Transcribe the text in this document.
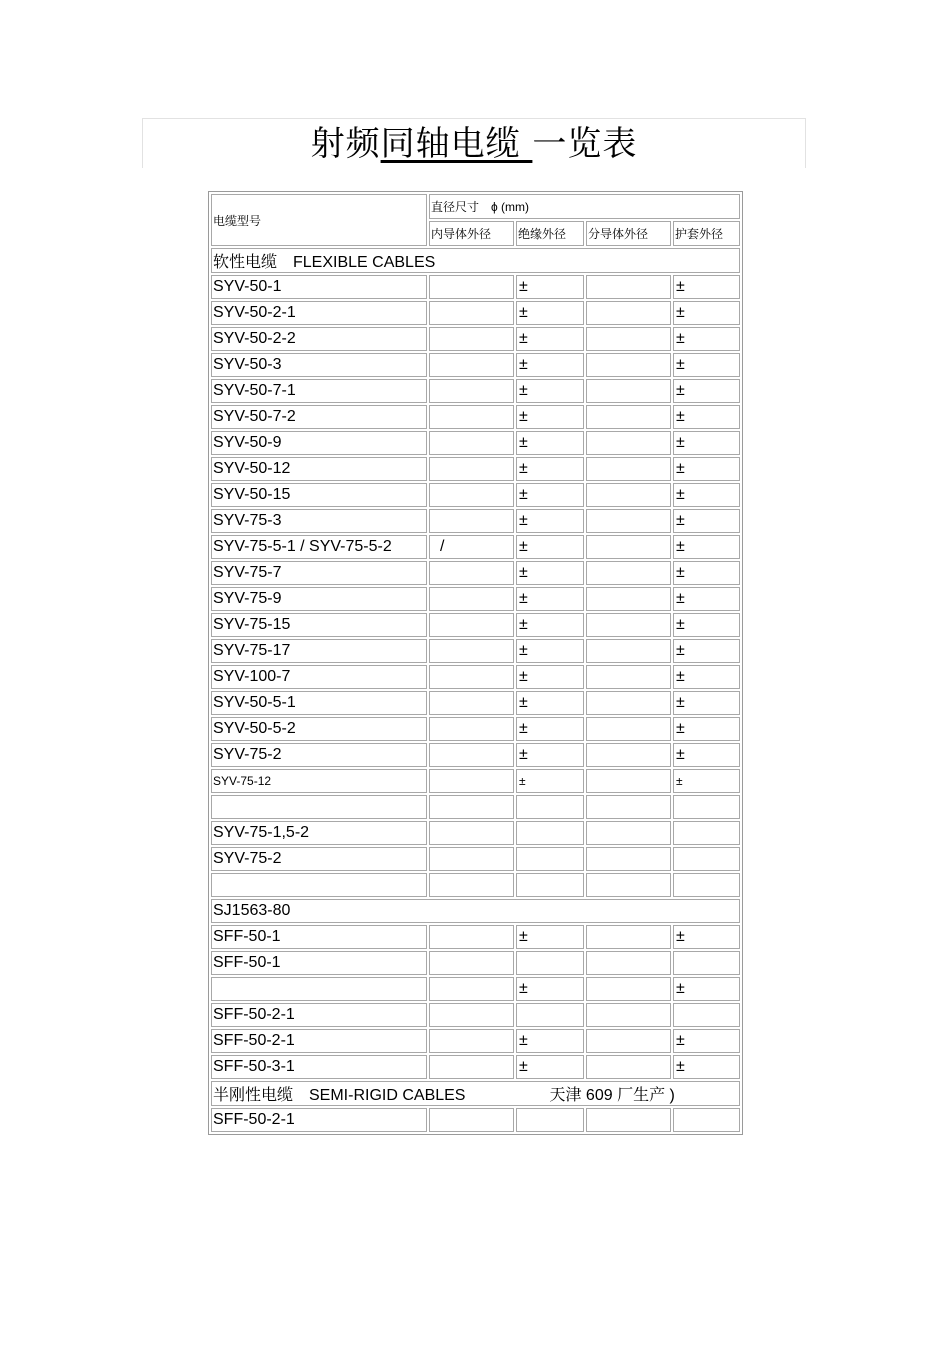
射频同轴电缆 一览表
电缆型号	直径尺寸　ϕ (mm)			
	内导体外径	绝缘外径	分导体外径	护套外径
软性电缆　FLEXIBLE CABLES				
SYV-50-1		±		±
SYV-50-2-1		±		±
SYV-50-2-2		±		±
SYV-50-3		±		±
SYV-50-7-1		±		±
SYV-50-7-2		±		±
SYV-50-9		±		±
SYV-50-12		±		±
SYV-50-15		±		±
SYV-75-3		±		±
SYV-75-5-1 / SYV-75-5-2	/	±		±
SYV-75-7		±		±
SYV-75-9		±		±
SYV-75-15		±		±
SYV-75-17		±		±
SYV-100-7		±		±
SYV-50-5-1		±		±
SYV-50-5-2		±		±
SYV-75-2		±		±
SYV-75-12		±		±

SYV-75-1,5-2				
SYV-75-2				

SJ1563-80				
SFF-50-1		±		±
SFF-50-1				
		±		±
SFF-50-2-1				
SFF-50-2-1		±		±
SFF-50-3-1		±		±
半刚性电缆　SEMI-RIGID CABLES 天津 609 厂生产 )				
SFF-50-2-1				
